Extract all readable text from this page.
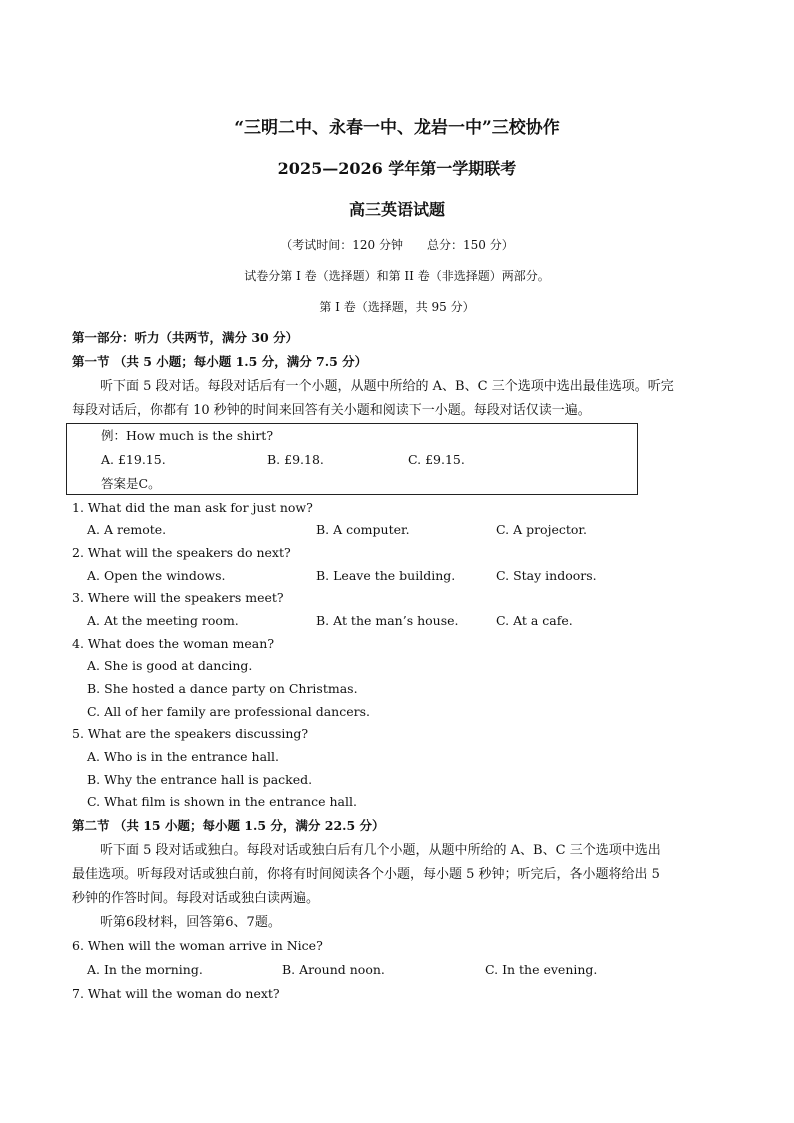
“三明二中、永春一中、龙岩一中”三校协作
2025—2026 学年第一学期联考
高三英语试题
（考试时间：120 分钟　　总分：150 分）
试卷分第 I 卷（选择题）和第 II 卷（非选择题）两部分。
第 I 卷（选择题，共 95 分）
第一部分：听力（共两节，满分 30 分）
第一节 （共 5 小题；每小题 1.5 分，满分 7.5 分）
听下面 5 段对话。每段对话后有一个小题，从题中所给的 A、B、C 三个选项中选出最佳选项。听完
每段对话后，你都有 10 秒钟的时间来回答有关小题和阅读下一小题。每段对话仅读一遍。
例：How much is the shirt?
A. £19.15.	B. £9.18.	C. £9.15.
答案是C。
1. What did the man ask for just now?
A. A remote.	B. A computer.	C. A projector.
2. What will the speakers do next?
A. Open the windows.	B. Leave the building.	C. Stay indoors.
3. Where will the speakers meet?
A. At the meeting room.	B. At the man’s house.	C. At a cafe.
4. What does the woman mean?
A. She is good at dancing.
B. She hosted a dance party on Christmas.
C. All of her family are professional dancers.
5. What are the speakers discussing?
A. Who is in the entrance hall.
B. Why the entrance hall is packed.
C. What film is shown in the entrance hall.
第二节 （共 15 小题；每小题 1.5 分，满分 22.5 分）
听下面 5 段对话或独白。每段对话或独白后有几个小题，从题中所给的 A、B、C 三个选项中选出
最佳选项。听每段对话或独白前，你将有时间阅读各个小题，每小题 5 秒钟；听完后，各小题将给出 5
秒钟的作答时间。每段对话或独白读两遍。
听第6段材料，回答第6、7题。
6. When will the woman arrive in Nice?
A. In the morning.	B. Around noon.	C. In the evening.
7. What will the woman do next?
